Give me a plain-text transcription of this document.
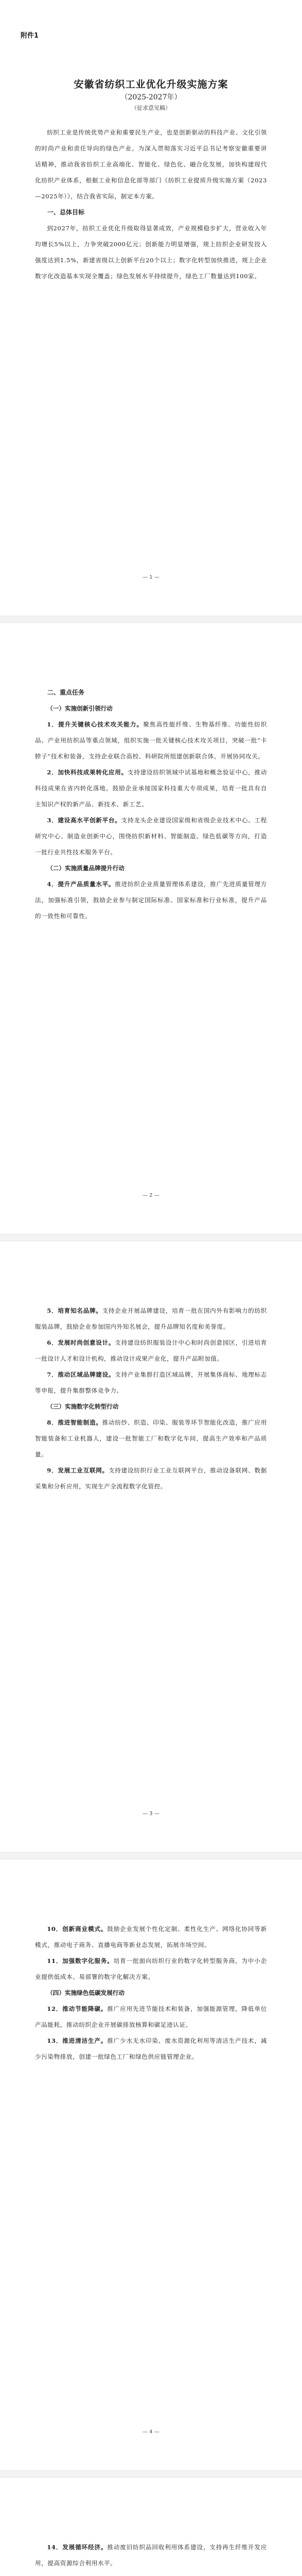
附件1
安徽省纺织工业优化升级实施方案
（2025-2027年）
（征求意见稿）

纺织工业是传统优势产业和重要民生产业，也是创新驱动的科技产业、文化引领的时尚产业和责任导向的绿色产业。为深入贯彻落实习近平总书记考察安徽重要讲话精神，推动我省纺织工业高端化、智能化、绿色化、融合化发展，加快构建现代化纺织产业体系，根据工业和信息化部等部门《纺织工业提质升级实施方案（2023—2025年）》，结合我省实际，制定本方案。

一、总体目标

到2027年，纺织工业优化升级取得显著成效，产业规模稳步扩大，营业收入年均增长5%以上，力争突破2000亿元；创新能力明显增强，规上纺织企业研发投入强度达到1.5%，新建省级以上创新平台20个以上；数字化转型加快推进，规上企业数字化改造基本实现全覆盖；绿色发展水平持续提升，绿色工厂数量达到100家。

— 1 —
二、重点任务
（一）实施创新引领行动

1．提升关键核心技术攻关能力。聚焦高性能纤维、生物基纤维、功能性纺织品、产业用纺织品等重点领域，组织实施一批关键核心技术攻关项目，突破一批“卡脖子”技术和装备，支持企业联合高校、科研院所组建创新联合体，开展协同攻关。

2．加快科技成果转化应用。支持建设纺织领域中试基地和概念验证中心，推动科技成果在省内转化落地。鼓励企业承接国家科技重大专项成果，培育一批具有自主知识产权的新产品、新技术、新工艺。

3．建设高水平创新平台。支持龙头企业建设国家级和省级企业技术中心、工程研究中心、制造业创新中心，围绕纺织新材料、智能制造、绿色低碳等方向，打造一批行业共性技术服务平台。

（二）实施质量品牌提升行动

4．提升产品质量水平。推进纺织企业质量管理体系建设，推广先进质量管理方法，加强标准引领，鼓励企业参与制定国际标准、国家标准和行业标准，提升产品的一致性和可靠性。

— 2 —

5．培育知名品牌。支持企业开展品牌建设，培育一批在国内外有影响力的纺织服装品牌，鼓励企业参加国内外知名展会，提升品牌知名度和美誉度。

6．发展时尚创意设计。支持建设纺织服装设计中心和时尚创意园区，引进培育一批设计人才和设计机构，推动设计成果产业化，提升产品附加值。

7．推动区域品牌建设。支持产业集群打造区域品牌，开展集体商标、地理标志等申报，提升集群整体竞争力。

（三）实施数字化转型行动

8．推进智能制造。推动纺纱、织造、印染、服装等环节智能化改造，推广应用智能装备和工业机器人，建设一批智能工厂和数字化车间，提高生产效率和产品质量。

9．发展工业互联网。支持建设纺织行业工业互联网平台，推动设备联网、数据采集和分析应用，实现生产全流程数字化管控。

— 3 —

10．创新商业模式。鼓励企业发展个性化定制、柔性化生产、网络化协同等新模式，推动电子商务、直播电商等新业态发展，拓展市场空间。

11．加强数字化服务。培育一批面向纺织行业的数字化转型服务商，为中小企业提供低成本、易部署的数字化解决方案。

（四）实施绿色低碳发展行动

12．推动节能降碳。推广应用先进节能技术和装备，加强能源管理，降低单位产品能耗，推动纺织企业开展碳排放核算和碳足迹认证。

13．推进清洁生产。推广少水无水印染、废水资源化利用等清洁生产技术，减少污染物排放，创建一批绿色工厂和绿色供应链管理企业。

— 4 —

14．发展循环经济。推动废旧纺织品回收利用体系建设，支持再生纤维开发应用，提高资源综合利用水平。
